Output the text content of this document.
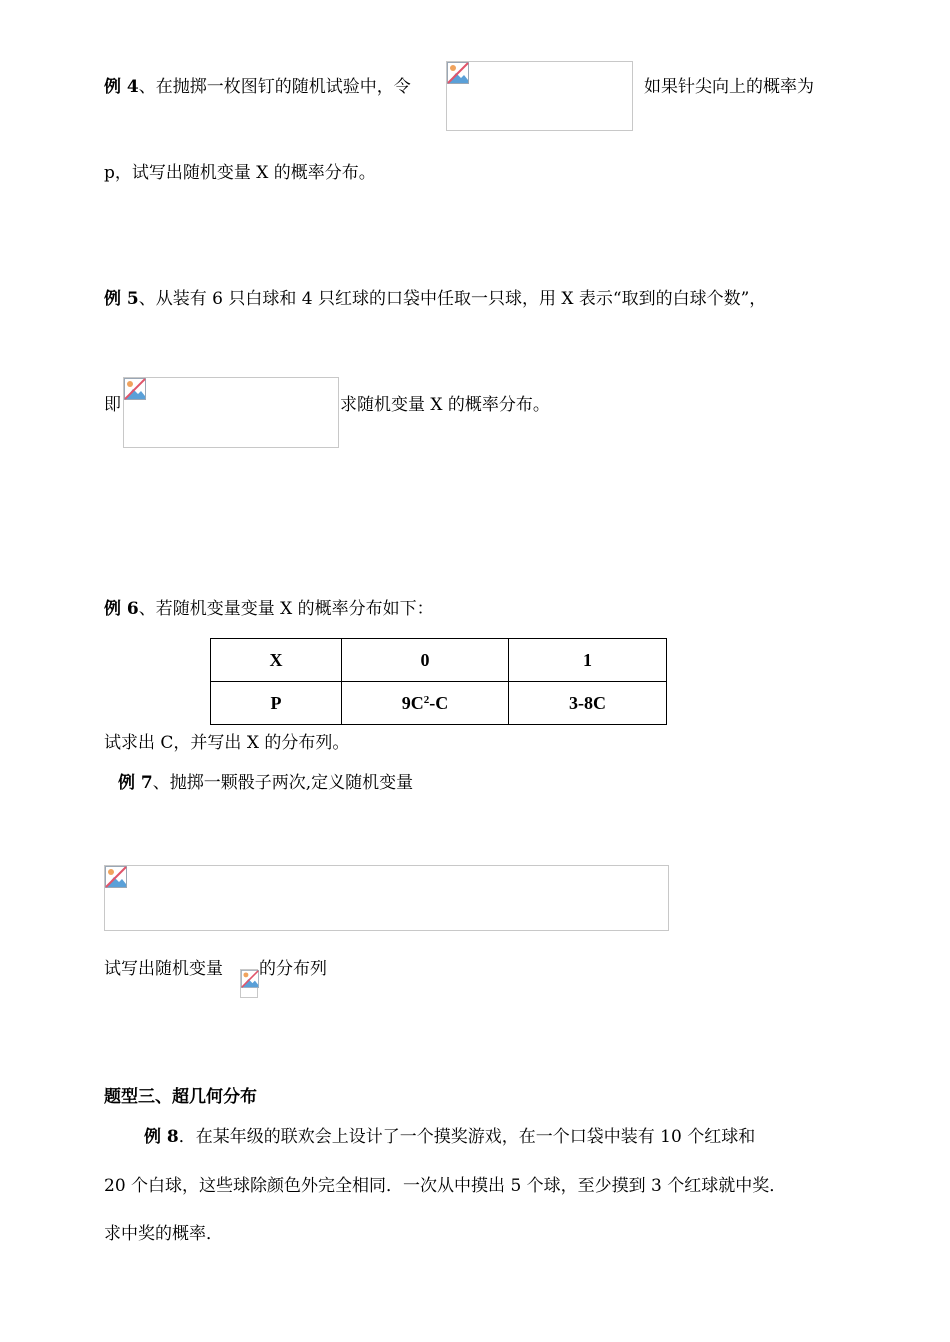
例 4、在抛掷一枚图钉的随机试验中，令	如果针尖向上的概率为
p，试写出随机变量 X 的概率分布。
例 5、从装有 6 只白球和 4 只红球的口袋中任取一只球，用 X 表示“取到的白球个数”，
即	求随机变量 X 的概率分布。
例 6、若随机变量变量 X 的概率分布如下：
X	0	1
P	$9C^2-C$	3-8C
试求出 C，并写出 X 的分布列。
例 7、抛掷一颗骰子两次,定义随机变量
试写出随机变量 的分布列
题型三、超几何分布
例 8．在某年级的联欢会上设计了一个摸奖游戏，在一个口袋中装有 10 个红球和
20 个白球，这些球除颜色外完全相同．一次从中摸出 5 个球，至少摸到 3 个红球就中奖．
求中奖的概率．
